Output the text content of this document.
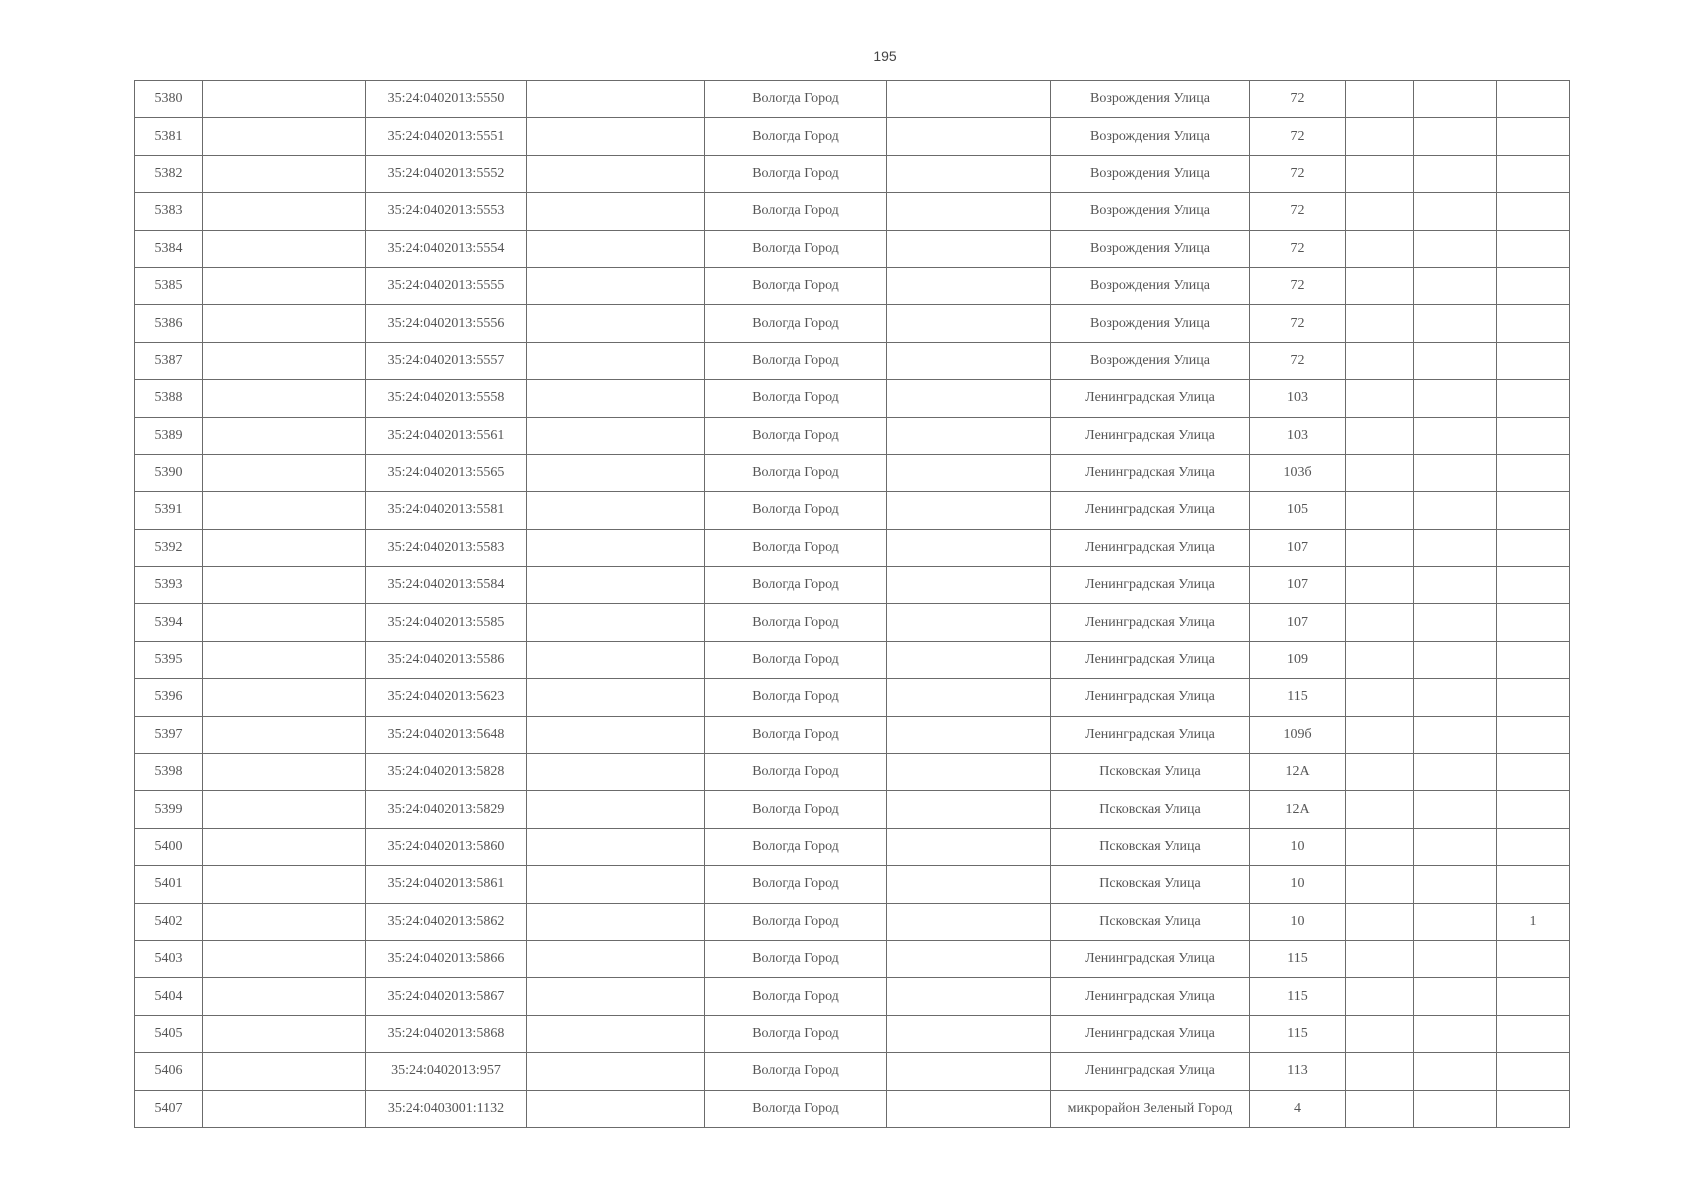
195
5380		35:24:0402013:5550		Вологда Город		Возрождения Улица	72			
5381		35:24:0402013:5551		Вологда Город		Возрождения Улица	72			
5382		35:24:0402013:5552		Вологда Город		Возрождения Улица	72			
5383		35:24:0402013:5553		Вологда Город		Возрождения Улица	72			
5384		35:24:0402013:5554		Вологда Город		Возрождения Улица	72			
5385		35:24:0402013:5555		Вологда Город		Возрождения Улица	72			
5386		35:24:0402013:5556		Вологда Город		Возрождения Улица	72			
5387		35:24:0402013:5557		Вологда Город		Возрождения Улица	72			
5388		35:24:0402013:5558		Вологда Город		Ленинградская Улица	103			
5389		35:24:0402013:5561		Вологда Город		Ленинградская Улица	103			
5390		35:24:0402013:5565		Вологда Город		Ленинградская Улица	103б			
5391		35:24:0402013:5581		Вологда Город		Ленинградская Улица	105			
5392		35:24:0402013:5583		Вологда Город		Ленинградская Улица	107			
5393		35:24:0402013:5584		Вологда Город		Ленинградская Улица	107			
5394		35:24:0402013:5585		Вологда Город		Ленинградская Улица	107			
5395		35:24:0402013:5586		Вологда Город		Ленинградская Улица	109			
5396		35:24:0402013:5623		Вологда Город		Ленинградская Улица	115			
5397		35:24:0402013:5648		Вологда Город		Ленинградская Улица	109б			
5398		35:24:0402013:5828		Вологда Город		Псковская Улица	12А			
5399		35:24:0402013:5829		Вологда Город		Псковская Улица	12А			
5400		35:24:0402013:5860		Вологда Город		Псковская Улица	10			
5401		35:24:0402013:5861		Вологда Город		Псковская Улица	10			
5402		35:24:0402013:5862		Вологда Город		Псковская Улица	10			1
5403		35:24:0402013:5866		Вологда Город		Ленинградская Улица	115			
5404		35:24:0402013:5867		Вологда Город		Ленинградская Улица	115			
5405		35:24:0402013:5868		Вологда Город		Ленинградская Улица	115			
5406		35:24:0402013:957		Вологда Город		Ленинградская Улица	113			
5407		35:24:0403001:1132		Вологда Город		микрорайон Зеленый Город	4			
